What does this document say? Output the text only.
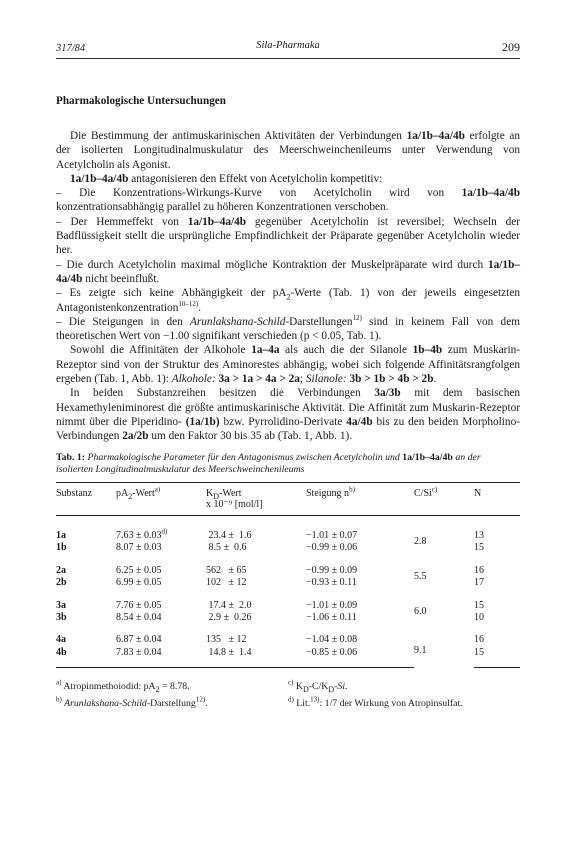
317/84	Sila-Pharmaka	209
Pharmakologische Untersuchungen

Die Bestimmung der antimuskarinischen Aktivitäten der Verbindungen 1a/1b–4a/4b erfolgte an der isolierten Longitudinalmuskulatur des Meerschweinchenileums unter Verwendung von Acetylcholin als Agonist.

1a/1b–4a/4b antagonisieren den Effekt von Acetylcholin kompetitiv:

– Die Konzentrations-Wirkungs-Kurve von Acetylcholin wird von 1a/1b–4a/4b konzentrationsabhängig parallel zu höheren Konzentrationen verschoben.

– Der Hemmeffekt von 1a/1b–4a/4b gegenüber Acetylcholin ist reversibel; Wechseln der Badflüssigkeit stellt die ursprüngliche Empfindlichkeit der Präparate gegenüber Acetylcholin wieder her.

– Die durch Acetylcholin maximal mögliche Kontraktion der Muskelpräparate wird durch 1a/1b–4a/4b nicht beeinflußt.

– Es zeigte sich keine Abhängigkeit der $pA_2$-Werte (Tab. 1) von der jeweils eingesetzten Antagonistenkonzentration$^{10-12)}$.

– Die Steigungen in den Arunlakshana-Schild-Darstellungen$^{12)}$ sind in keinem Fall von dem theoretischen Wert von −1.00 signifikant verschieden (p < 0.05, Tab. 1).

Sowohl die Affinitäten der Alkohole 1a–4a als auch die der Silanole 1b–4b zum Muskarin-Rezeptor sind von der Struktur des Aminorestes abhängig, wobei sich folgende Affinitätsrangfolgen ergeben (Tab. 1, Abb. 1): Alkohole: 3a > 1a > 4a > 2a; Silanole: 3b > 1b > 4b > 2b.

In beiden Substanzreihen besitzen die Verbindungen 3a/3b mit dem basischen Hexamethyleniminorest die größte antimuskarinische Aktivität. Die Affinität zum Muskarin-Rezeptor nimmt über die Piperidino- (1a/1b) bzw. Pyrrolidino-Derivate 4a/4b bis zu den beiden Morpholino-Verbindungen 2a/2b um den Faktor 30 bis 35 ab (Tab. 1, Abb. 1).

Tab. 1: Pharmakologische Parameter für den Antagonismus zwischen Acetylcholin und 1a/1b–4a/4b an der isolierten Longitudinalmuskulatur des Meerschweinchenileums
Substanz	$pA_2-Wert^{a)}$	$K_D$-Wert	Steigung $n^{b)}$	C/Si$^{c)}$	N
		x 10⁻⁹ [mol/l]			
1a	$7.63 \pm 0.03^{d)}$	23.4 ±  1.6	−1.01 ± 0.07	2.8	13
1b	8.07 ± 0.03	8.5 ±  0.6	−0.99 ± 0.06		15
2a	6.25 ± 0.05	562   ± 65	−0.99 ± 0.09	5.5	16
2b	6.99 ± 0.05	102   ± 12	−0.93 ± 0.11		17
3a	7.76 ± 0.05	17.4 ±  2.0	−1.01 ± 0.09	6.0	15
3b	8.54 ± 0.04	2.9 ±  0.26	−1.06 ± 0.11		10
4a	6.87 ± 0.04	135   ± 12	−1.04 ± 0.08	9.1	16
4b	7.83 ± 0.04	14.8 ±  1.4	−0.85 ± 0.06		15
$^{a)}$ Atropinmethoiodid: $pA_2 = 8.78$.
$^{b)}$ Arunlakshana-Schild-Darstellung$^{12)}$.
$^{c)}$ $K_D-C/K_D-Si$.
$^{d)}$ Lit.$^{13)}$: 1/7 der Wirkung von Atropinsulfat.
